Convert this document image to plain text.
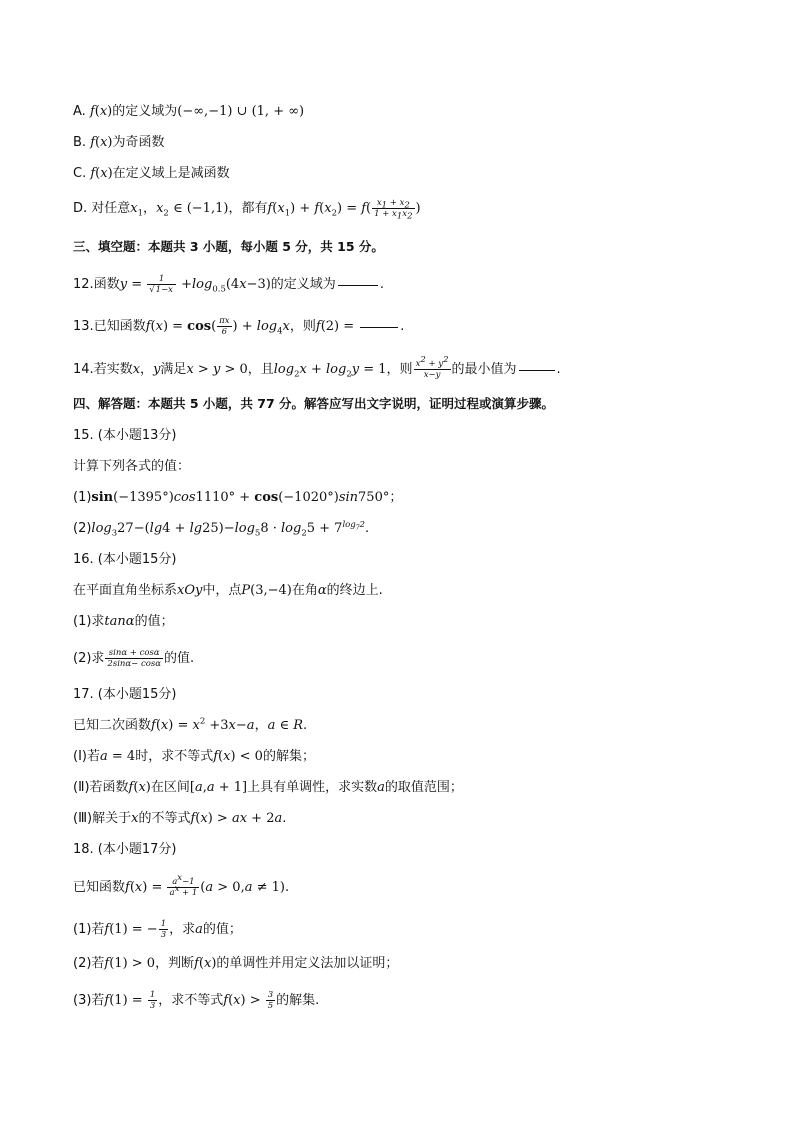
A. f(x)的定义域为(−∞,−1) ∪ (1, + ∞)
B. f(x)为奇函数
C. f(x)在定义域上是减函数
D. 对任意$x_1$，$x_2$ ∈ (−1,1)，都有$f(x_1) + f(x_2) = f( \frac{x_1 + x_2}{1 + x_1x_2}$ )
三、填空题：本题共 3 小题，每小题 5 分，共 15 分。
12.函数$y = \frac{1}{√1-x} +\log_{0.5}(4x-3)$的定义域为	.
13.已知函数$f(x) = \cos( \frac{\pi x}{6}$ ) + $\log_4x$，则f(2) =	.
14.若实数x，y满足x > y > 0，且$\log_2x + \log_2y = 1$，则 $\frac{x^2 + y^2}{x-y}$ 的最小值为	.
四、解答题：本题共 5 小题，共 77 分。解答应写出文字说明，证明过程或演算步骤。
15. (本小题13分)
计算下列各式的值：
(1)sin(−1395°)cos1110° + cos(−1020°)sin750°；
$(2)\log_327-(\lg 4 + \lg 25)-\log_58 \cdot \log_25 + 7^{log_72}$.
16. (本小题15分)
在平面直角坐标系xOy中，点P(3,−4)在角α的终边上.
(1)求tanα的值；
(2)求 $\frac{\sin\alpha + \cos\alpha}{2\sin\alpha- \cos\alpha}$ 的值.
17. (本小题15分)
已知二次函数$f(x) = x^2 +3x-a$，a ∈ R.
(Ⅰ)若a = 4时，求不等式f(x) < 0的解集；
(Ⅱ)若函数f(x)在区间[a,a + 1]上具有单调性，求实数a的取值范围；
(Ⅲ)解关于x的不等式f(x) > ax + 2a.
18. (本小题17分)
已知函数$f(x) = \frac{a^x-1}{a^x + 1} (a > 0,a \ne 1)$.
(1)若f(1) = − $\frac{1}{3}$ ，求a的值；
(2)若f(1) > 0，判断f(x)的单调性并用定义法加以证明；
(3)若$f(1) = \frac{1}{3}$ ，求不等式$f(x) > \frac{3}{5}$ 的解集.
